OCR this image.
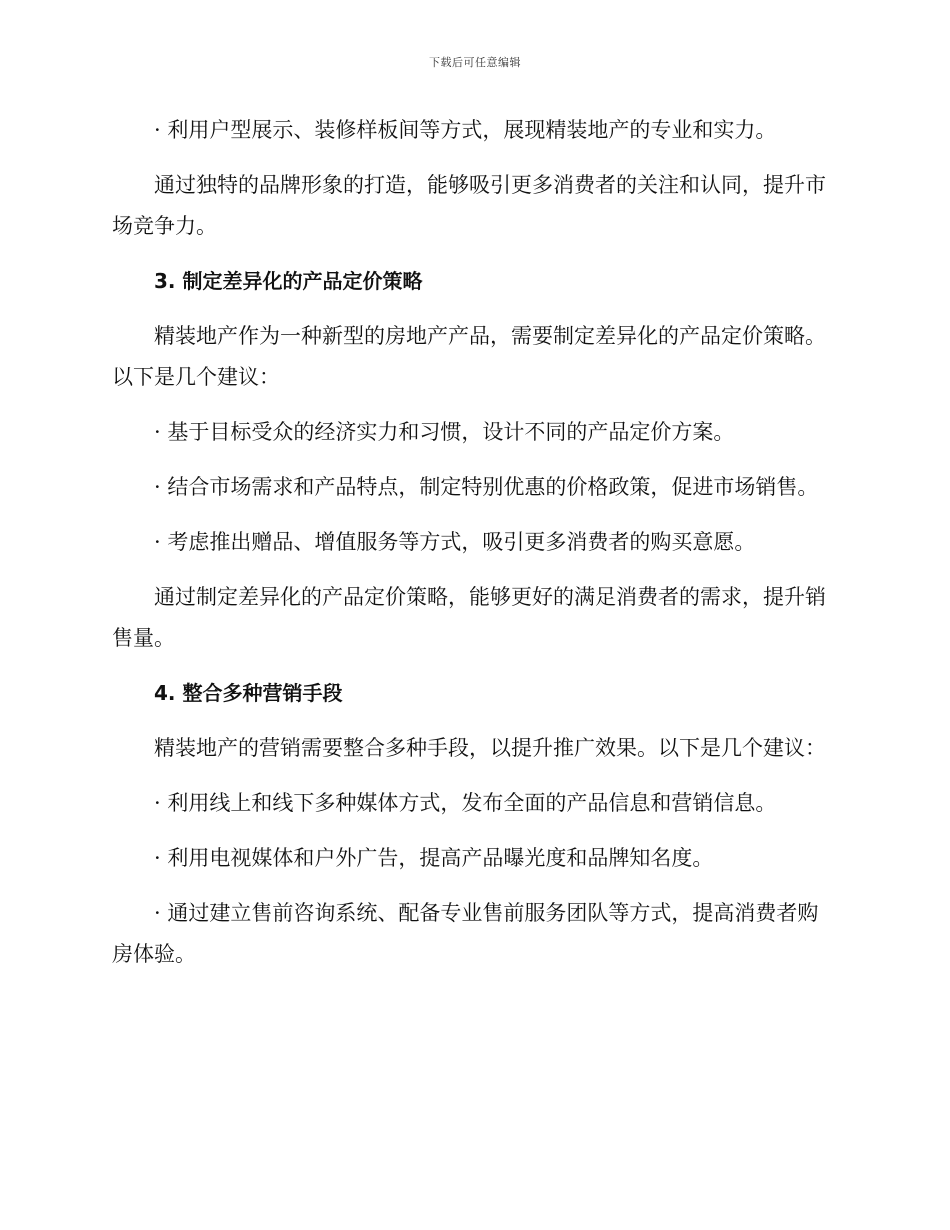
下载后可任意编辑

· 利用户型展示、装修样板间等方式，展现精装地产的专业和实力。

通过独特的品牌形象的打造，能够吸引更多消费者的关注和认同，提升市场竞争力。

3. 制定差异化的产品定价策略

精装地产作为一种新型的房地产产品，需要制定差异化的产品定价策略。以下是几个建议：

· 基于目标受众的经济实力和习惯，设计不同的产品定价方案。

· 结合市场需求和产品特点，制定特别优惠的价格政策，促进市场销售。

· 考虑推出赠品、增值服务等方式，吸引更多消费者的购买意愿。

通过制定差异化的产品定价策略，能够更好的满足消费者的需求，提升销售量。

4. 整合多种营销手段

精装地产的营销需要整合多种手段，以提升推广效果。以下是几个建议：

· 利用线上和线下多种媒体方式，发布全面的产品信息和营销信息。

· 利用电视媒体和户外广告，提高产品曝光度和品牌知名度。

· 通过建立售前咨询系统、配备专业售前服务团队等方式，提高消费者购房体验。
